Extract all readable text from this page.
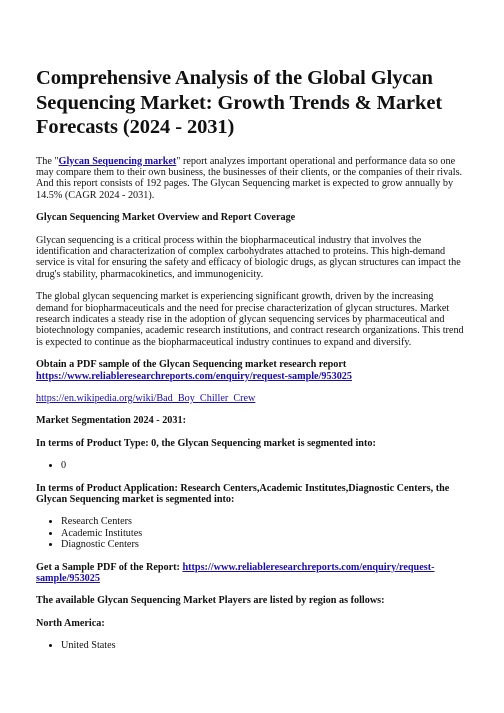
Comprehensive Analysis of the Global Glycan Sequencing Market: Growth Trends & Market Forecasts (2024 - 2031)

The "Glycan Sequencing market" report analyzes important operational and performance data so one may compare them to their own business, the businesses of their clients, or the companies of their rivals. And this report consists of 192 pages. The Glycan Sequencing market is expected to grow annually by 14.5% (CAGR 2024 - 2031).

Glycan Sequencing Market Overview and Report Coverage

Glycan sequencing is a critical process within the biopharmaceutical industry that involves the identification and characterization of complex carbohydrates attached to proteins. This high-demand service is vital for ensuring the safety and efficacy of biologic drugs, as glycan structures can impact the drug's stability, pharmacokinetics, and immunogenicity.

The global glycan sequencing market is experiencing significant growth, driven by the increasing demand for biopharmaceuticals and the need for precise characterization of glycan structures. Market research indicates a steady rise in the adoption of glycan sequencing services by pharmaceutical and biotechnology companies, academic research institutions, and contract research organizations. This trend is expected to continue as the biopharmaceutical industry continues to expand and diversify.

Obtain a PDF sample of the Glycan Sequencing market research report https://www.reliableresearchreports.com/enquiry/request-sample/953025

https://en.wikipedia.org/wiki/Bad_Boy_Chiller_Crew

Market Segmentation 2024 - 2031:

In terms of Product Type: 0, the Glycan Sequencing market is segmented into:

• 0

In terms of Product Application: Research Centers,Academic Institutes,Diagnostic Centers, the Glycan Sequencing market is segmented into:

• Research Centers
• Academic Institutes
• Diagnostic Centers

Get a Sample PDF of the Report: https://www.reliableresearchreports.com/enquiry/request-sample/953025

The available Glycan Sequencing Market Players are listed by region as follows:

North America:

• United States
